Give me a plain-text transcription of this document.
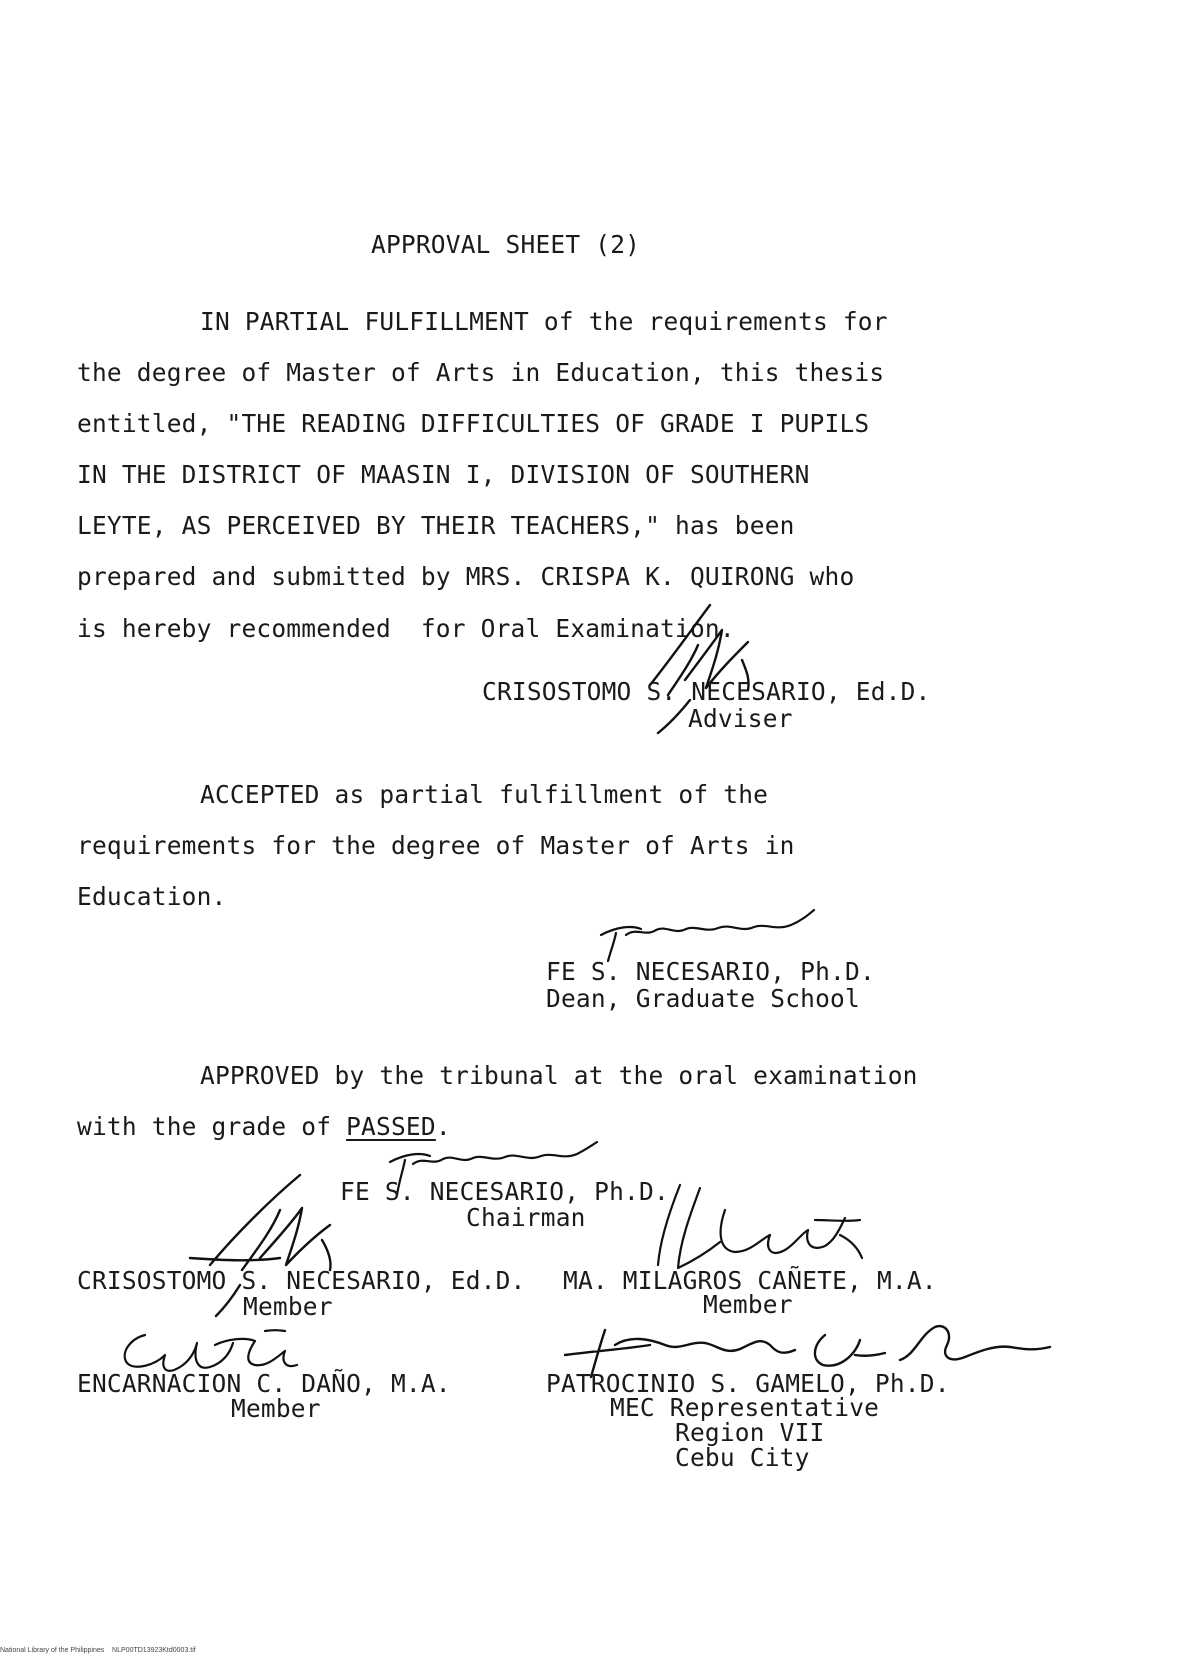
APPROVAL SHEET (2)
IN PARTIAL FULFILLMENT of the requirements for
the degree of Master of Arts in Education, this thesis
entitled, "THE READING DIFFICULTIES OF GRADE I PUPILS
IN THE DISTRICT OF MAASIN I, DIVISION OF SOUTHERN
LEYTE, AS PERCEIVED BY THEIR TEACHERS," has been
prepared and submitted by MRS. CRISPA K. QUIRONG who
is hereby recommended  for Oral Examination.
CRISOSTOMO S. NECESARIO, Ed.D.
Adviser
ACCEPTED as partial fulfillment of the
requirements for the degree of Master of Arts in
Education.
FE S. NECESARIO, Ph.D.
Dean, Graduate School
APPROVED by the tribunal at the oral examination
with the grade of PASSED.
FE S. NECESARIO, Ph.D.
Chairman
CRISOSTOMO S. NECESARIO, Ed.D.
Member
MA. MILAGROS CAÑETE, M.A.
Member
ENCARNACION C. DAÑO, M.A.
Member
PATROCINIO S. GAMELO, Ph.D.
MEC Representative
Region VII
Cebu City
National Library of the Philippines    NLP00TD13923Ktd0003.tif
